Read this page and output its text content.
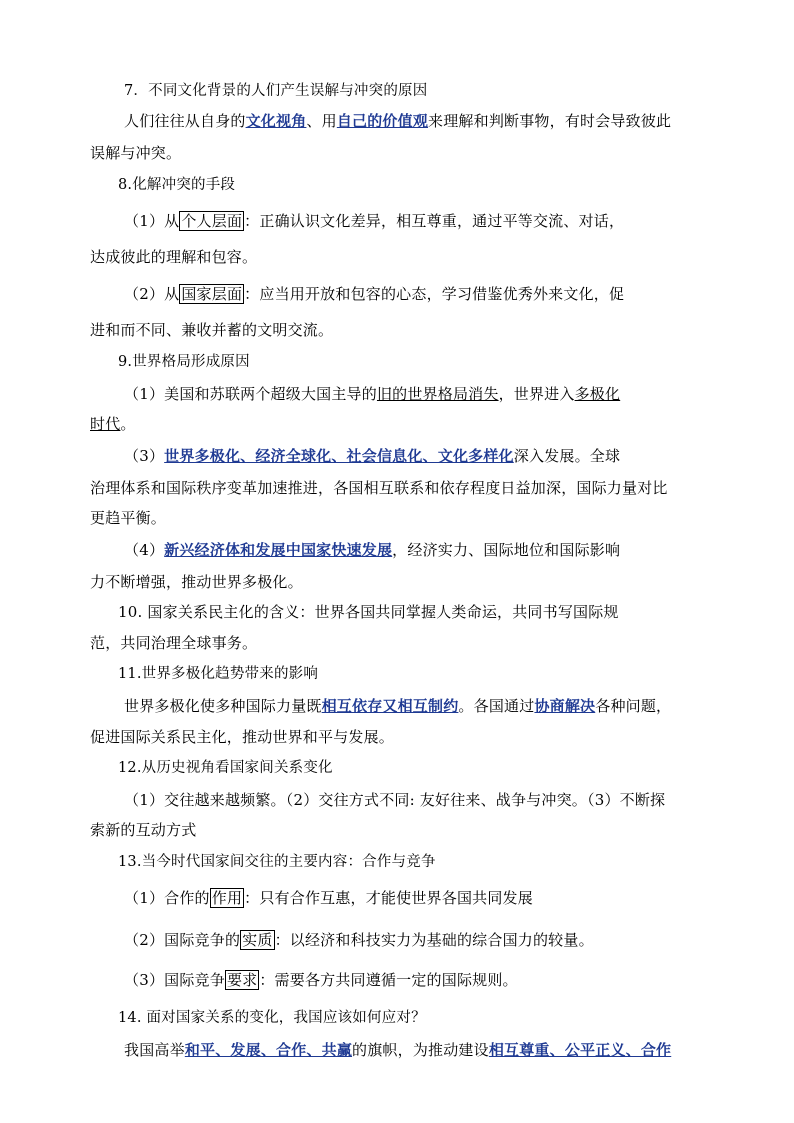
7．不同文化背景的人们产生误解与冲突的原因
人们往往从自身的文化视角、用自己的价值观来理解和判断事物，有时会导致彼此
误解与冲突。
8.化解冲突的手段
（1）从 个人层面 ：正确认识文化差异，相互尊重，通过平等交流、对话，
达成彼此的理解和包容。
（2）从 国家层面 ：应当用开放和包容的心态，学习借鉴优秀外来文化，促
进和而不同、兼收并蓄的文明交流。
9.世界格局形成原因
（1）美国和苏联两个超级大国主导的旧的世界格局消失，世界进入多极化
时代。
（3）世界多极化、经济全球化、社会信息化、文化多样化深入发展。全球
治理体系和国际秩序变革加速推进，各国相互联系和依存程度日益加深，国际力量对比
更趋平衡。
（4）新兴经济体和发展中国家快速发展，经济实力、国际地位和国际影响
力不断增强，推动世界多极化。
10. 国家关系民主化的含义：世界各国共同掌握人类命运，共同书写国际规
范，共同治理全球事务。
11.世界多极化趋势带来的影响
世界多极化使多种国际力量既相互依存又相互制约。各国通过协商解决各种问题，
促进国际关系民主化，推动世界和平与发展。
12.从历史视角看国家间关系变化
（1）交往越来越频繁。（2）交往方式不同: 友好往来、战争与冲突。（3）不断探
索新的互动方式
13.当今时代国家间交往的主要内容：合作与竞争
（1）合作的 作用 ：只有合作互惠，才能使世界各国共同发展
（2）国际竞争的 实质 ：以经济和科技实力为基础的综合国力的较量。
（3）国际竞争 要求 ：需要各方共同遵循一定的国际规则。
14. 面对国家关系的变化，我国应该如何应对？
我国高举和平、发展、合作、共赢的旗帜，为推动建设相互尊重、公平正义、合作
